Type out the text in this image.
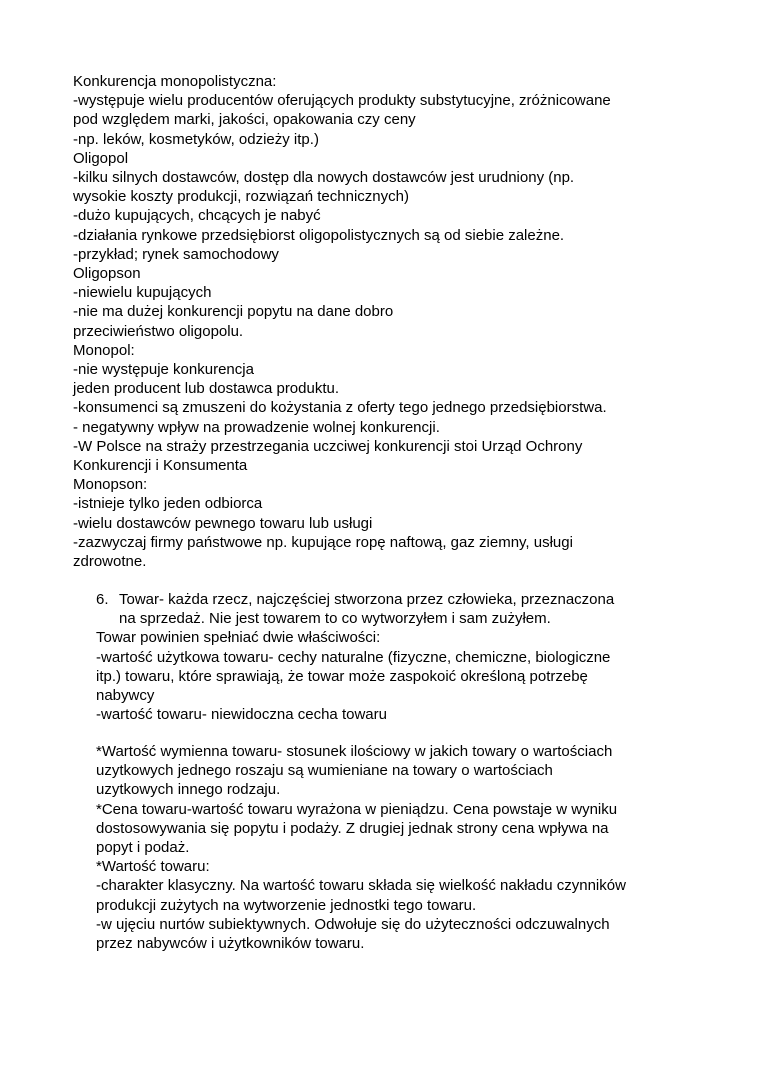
Konkurencja monopolistyczna:
-występuje wielu producentów oferujących produkty substytucyjne, zróżnicowane
pod względem marki, jakości, opakowania czy ceny
-np. leków, kosmetyków, odzieży itp.)
Oligopol
-kilku silnych dostawców, dostęp dla nowych dostawców jest urudniony (np.
wysokie koszty produkcji, rozwiązań technicznych)
-dużo kupujących, chcących je nabyć
-działania rynkowe przedsiębiorst oligopolistycznych są od siebie zależne.
-przykład; rynek samochodowy
Oligopson
-niewielu kupujących
-nie ma dużej konkurencji popytu na dane dobro
przeciwieństwo oligopolu.
Monopol:
-nie występuje konkurencja
jeden producent lub dostawca produktu.
-konsumenci są zmuszeni do kożystania z oferty tego jednego przedsiębiorstwa.
- negatywny wpływ na prowadzenie wolnej konkurencji.
-W Polsce na straży przestrzegania uczciwej konkurencji stoi Urząd Ochrony
Konkurencji i Konsumenta
Monopson:
-istnieje tylko jeden odbiorca
-wielu dostawców pewnego towaru lub usługi
-zazwyczaj firmy państwowe np. kupujące ropę naftową, gaz ziemny, usługi
zdrowotne.
6. Towar- każda rzecz, najczęściej stworzona przez człowieka, przeznaczona
na sprzedaż. Nie jest towarem to co wytworzyłem i sam zużyłem.
Towar powinien spełniać dwie właściwości:
-wartość użytkowa towaru- cechy naturalne (fizyczne, chemiczne, biologiczne
itp.) towaru, które sprawiają, że towar może zaspokoić określoną potrzebę
nabywcy
-wartość towaru- niewidoczna cecha towaru
*Wartość wymienna towaru- stosunek ilościowy w jakich towary o wartościach
uzytkowych jednego roszaju są wumieniane na towary o wartościach
uzytkowych innego rodzaju.
*Cena towaru-wartość towaru wyrażona w pieniądzu. Cena powstaje w wyniku
dostosowywania się popytu i podaży. Z drugiej jednak strony cena wpływa na
popyt i podaż.
*Wartość towaru:
-charakter klasyczny. Na wartość towaru składa się wielkość nakładu czynników
produkcji zużytych na wytworzenie jednostki tego towaru.
-w ujęciu nurtów subiektywnych. Odwołuje się do użyteczności odczuwalnych
przez nabywców i użytkowników towaru.
